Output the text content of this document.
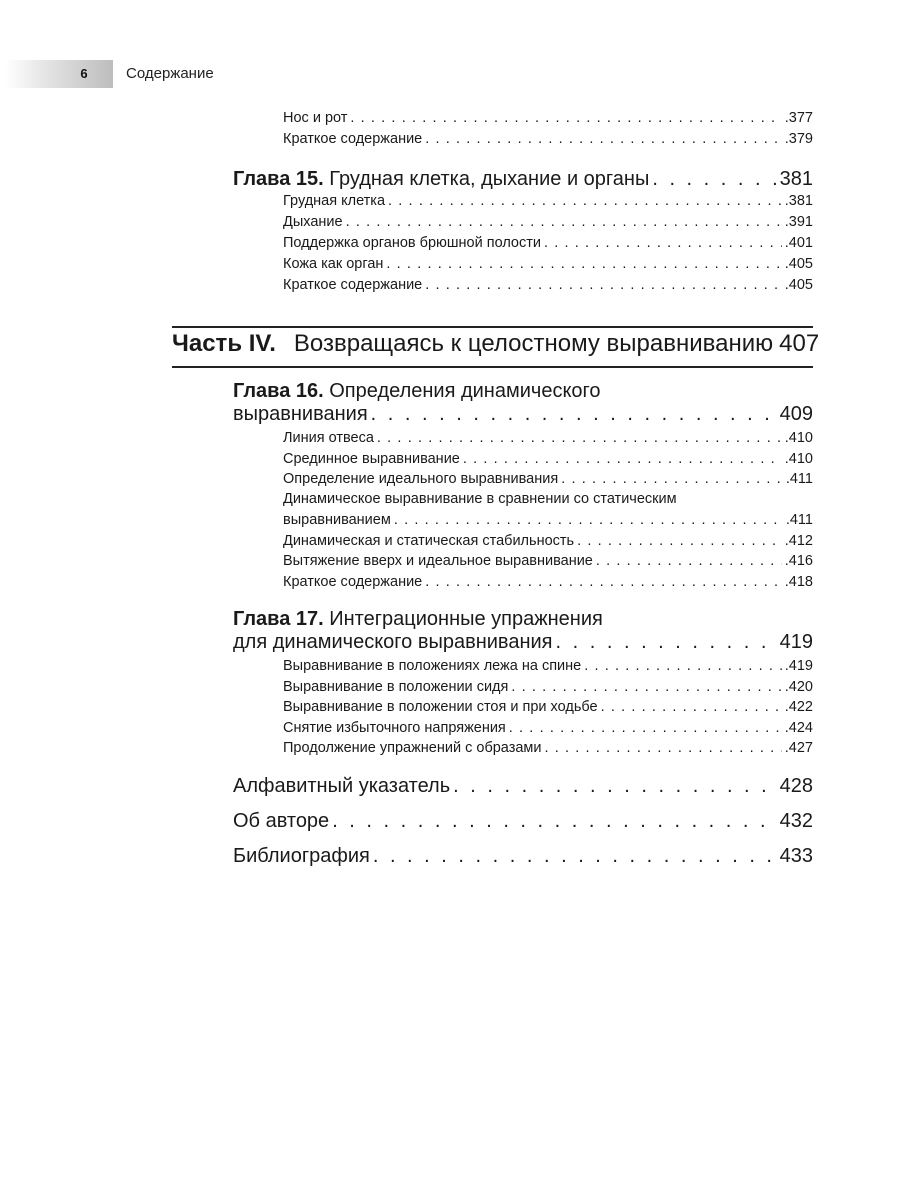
6	Содержание
Нос и рот . . .	.377
Краткое содержание . . .	.379
Глава 15. Грудная клетка, дыхание и органы . . .	381
Грудная клетка . . .	.381
Дыхание . . .	.391
Поддержка органов брюшной полости . . .	.401
Кожа как орган . . .	.405
Краткое содержание . . .	.405
Часть IV. Возвращаясь к целостному выравниванию 407
Глава 16. Определения динамического
выравнивания . . .	409
Линия отвеса . . .	.410
Срединное выравнивание . . .	.410
Определение идеального выравнивания . . .	.411
Динамическое выравнивание в сравнении со статическим
выравниванием . . .	.411
Динамическая и статическая стабильность . . .	.412
Вытяжение вверх и идеальное выравнивание . . .	.416
Краткое содержание . . .	.418
Глава 17. Интеграционные упражнения
для динамического выравнивания . . .	419
Выравнивание в положениях лежа на спине . . .	.419
Выравнивание в положении сидя . . .	.420
Выравнивание в положении стоя и при ходьбе . . .	.422
Снятие избыточного напряжения . . .	.424
Продолжение упражнений с образами . . .	.427
Алфавитный указатель . . .	428
Об авторе . . .	432
Библиография . . .	433
